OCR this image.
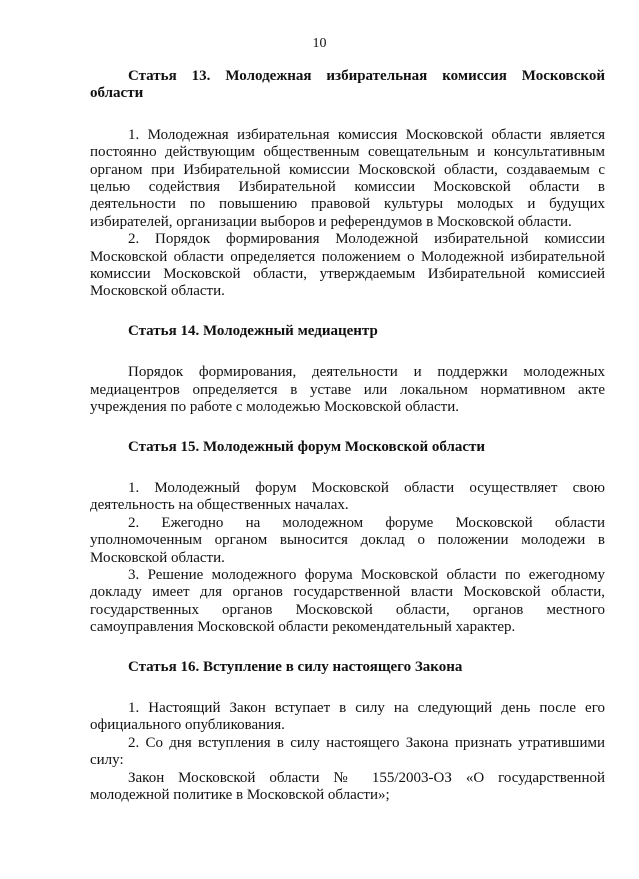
10

Статья 13. Молодежная избирательная комиссия Московской области

1. Молодежная избирательная комиссия Московской области является постоянно действующим общественным совещательным и консультативным органом при Избирательной комиссии Московской области, создаваемым с целью содействия Избирательной комиссии Московской области в деятельности по повышению правовой культуры молодых и будущих избирателей, организации выборов и референдумов в Московской области.

2. Порядок формирования Молодежной избирательной комиссии Московской области определяется положением о Молодежной избирательной комиссии Московской области, утверждаемым Избирательной комиссией Московской области.

Статья 14. Молодежный медиацентр

Порядок формирования, деятельности и поддержки молодежных медиацентров определяется в уставе или локальном нормативном акте учреждения по работе с молодежью Московской области.

Статья 15. Молодежный форум Московской области

1. Молодежный форум Московской области осуществляет свою деятельность на общественных началах.

2. Ежегодно на молодежном форуме Московской области уполномоченным органом выносится доклад о положении молодежи в Московской области.

3. Решение молодежного форума Московской области по ежегодному докладу имеет для органов государственной власти Московской области, государственных органов Московской области, органов местного самоуправления Московской области рекомендательный характер.

Статья 16. Вступление в силу настоящего Закона

1. Настоящий Закон вступает в силу на следующий день после его официального опубликования.

2. Со дня вступления в силу настоящего Закона признать утратившими силу:

Закон Московской области № 155/2003-ОЗ «О государственной молодежной политике в Московской области»;
